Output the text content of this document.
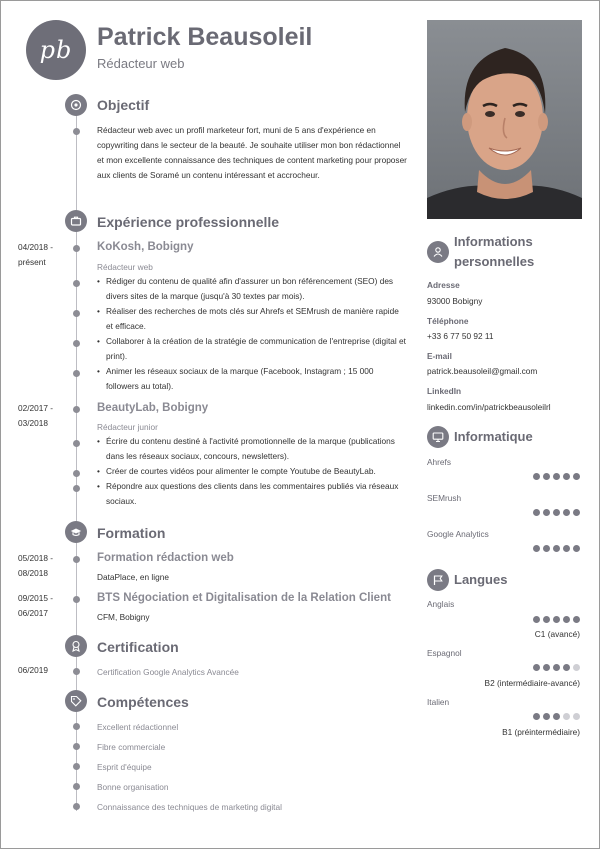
pb Patrick Beausoleil
Rédacteur web
Objectif
Rédacteur web avec un profil marketeur fort, muni de 5 ans d'expérience en copywriting dans le secteur de la beauté. Je souhaite utiliser mon bon rédactionnel et mon excellente connaissance des techniques de content marketing pour proposer aux clients de Soramé un contenu intéressant et accrocheur.
Expérience professionnelle
04/2018 - présent
KoKosh, Bobigny
Rédacteur web
• Rédiger du contenu de qualité afin d'assurer un bon référencement (SEO) des divers sites de la marque (jusqu'à 30 textes par mois).
• Réaliser des recherches de mots clés sur Ahrefs et SEMrush de manière rapide et efficace.
• Collaborer à la création de la stratégie de communication de l'entreprise (digital et print).
• Animer les réseaux sociaux de la marque (Facebook, Instagram ; 15 000 followers au total).
02/2017 - 03/2018
BeautyLab, Bobigny
Rédacteur junior
• Écrire du contenu destiné à l'activité promotionnelle de la marque (publications dans les réseaux sociaux, concours, newsletters).
• Créer de courtes vidéos pour alimenter le compte Youtube de BeautyLab.
• Répondre aux questions des clients dans les commentaires publiés via réseaux sociaux.
Formation
05/2018 - 08/2018
Formation rédaction web
DataPlace, en ligne
09/2015 - 06/2017
BTS Négociation et Digitalisation de la Relation Client
CFM, Bobigny
Certification
06/2019	Certification Google Analytics Avancée
Compétences
Excellent rédactionnel
Fibre commerciale
Esprit d'équipe
Bonne organisation
Connaissance des techniques de marketing digital
Informations personnelles
Adresse
93000 Bobigny
Téléphone
+33 6 77 50 92 11
E-mail
patrick.beausoleil@gmail.com
LinkedIn
linkedin.com/in/patrickbeausoleilrl
Informatique
Ahrefs
SEMrush
Google Analytics
Langues
Anglais
C1 (avancé)
Espagnol
B2 (intermédiaire-avancé)
Italien
B1 (préintermédiaire)
